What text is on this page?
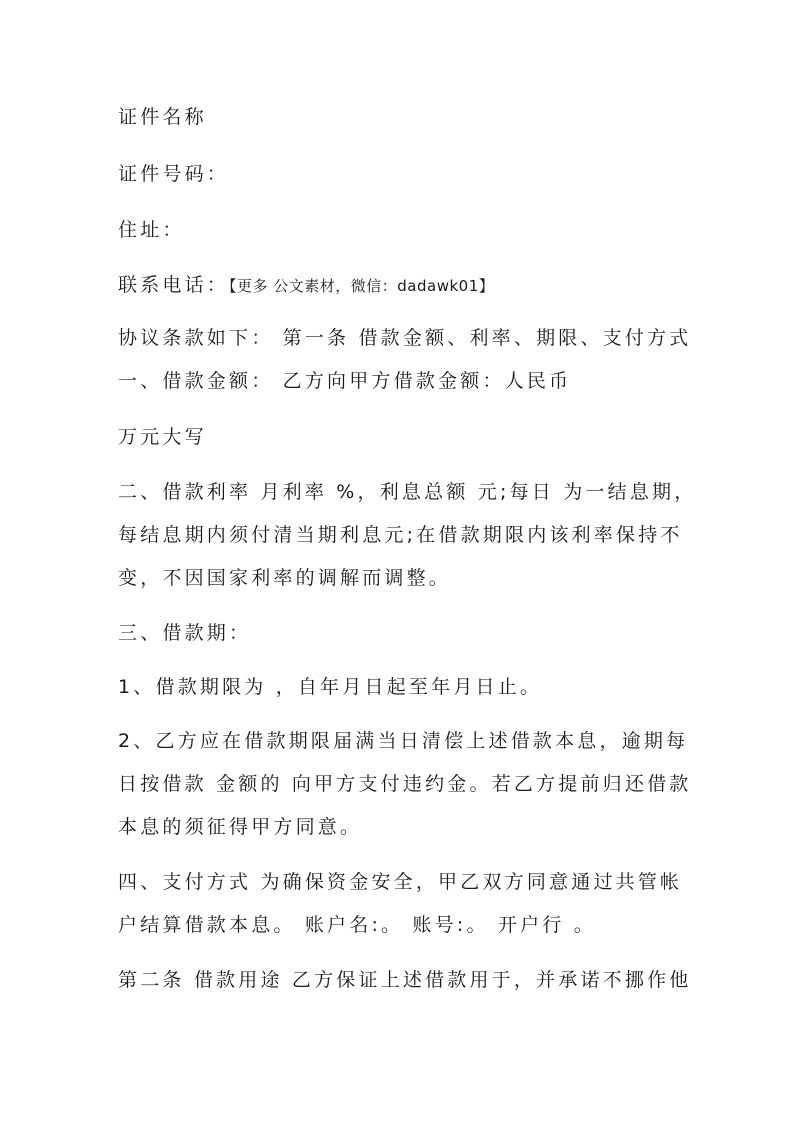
证件名称
证件号码：
住址：
联系电话：【更多 公文素材，微信：dadawk01】
协议条款如下： 第一条 借款金额、利率、期限、支付方式
一、借款金额： 乙方向甲方借款金额：人民币
万元大写
二、借款利率 月利率 %，利息总额 元;每日 为一结息期，
每结息期内须付清当期利息元;在借款期限内该利率保持不
变，不因国家利率的调解而调整。
三、借款期：
1、借款期限为 ，自年月日起至年月日止。
2、乙方应在借款期限届满当日清偿上述借款本息，逾期每
日按借款 金额的 向甲方支付违约金。若乙方提前归还借款
本息的须征得甲方同意。
四、支付方式 为确保资金安全，甲乙双方同意通过共管帐
户结算借款本息。 账户名:。 账号:。 开户行 。
第二条 借款用途 乙方保证上述借款用于，并承诺不挪作他
